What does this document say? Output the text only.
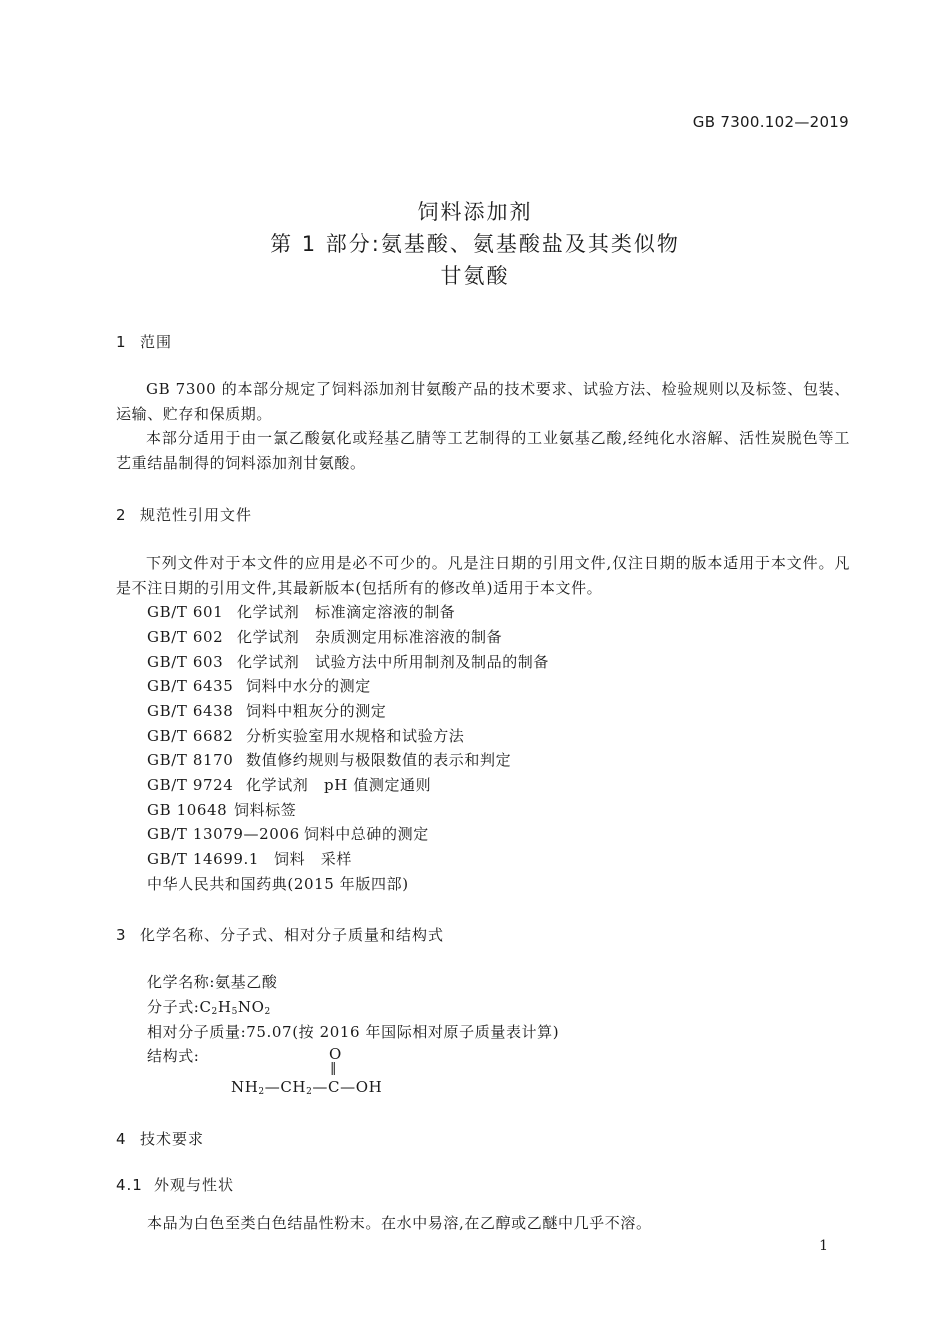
GB 7300.102—2019
饲料添加剂
第 1 部分:氨基酸、氨基酸盐及其类似物
甘氨酸
1 范围

GB 7300 的本部分规定了饲料添加剂甘氨酸产品的技术要求、试验方法、检验规则以及标签、包装、运输、贮存和保质期。

本部分适用于由一氯乙酸氨化或羟基乙腈等工艺制得的工业氨基乙酸,经纯化水溶解、活性炭脱色等工艺重结晶制得的饲料添加剂甘氨酸。

2 规范性引用文件

下列文件对于本文件的应用是必不可少的。凡是注日期的引用文件,仅注日期的版本适用于本文件。凡是不注日期的引用文件,其最新版本(包括所有的修改单)适用于本文件。

GB/T 601 化学试剂　标准滴定溶液的制备
GB/T 602 化学试剂　杂质测定用标准溶液的制备
GB/T 603 化学试剂　试验方法中所用制剂及制品的制备
GB/T 6435 饲料中水分的测定
GB/T 6438 饲料中粗灰分的测定
GB/T 6682 分析实验室用水规格和试验方法
GB/T 8170 数值修约规则与极限数值的表示和判定
GB/T 9724 化学试剂　pH 值测定通则
GB 10648 饲料标签
GB/T 13079—2006 饲料中总砷的测定
GB/T 14699.1 饲料　采样
中华人民共和国药典(2015 年版四部)
3 化学名称、分子式、相对分子质量和结构式
化学名称:氨基乙酸
分子式$:C_2H_5NO_2$
相对分子质量:75.07(按 2016 年国际相对原子质量表计算)
结构式:	O
‖
$NH_2—CH_2—C—OH$
4 技术要求
4.1 外观与性状
本品为白色至类白色结晶性粉末。在水中易溶,在乙醇或乙醚中几乎不溶。
1
